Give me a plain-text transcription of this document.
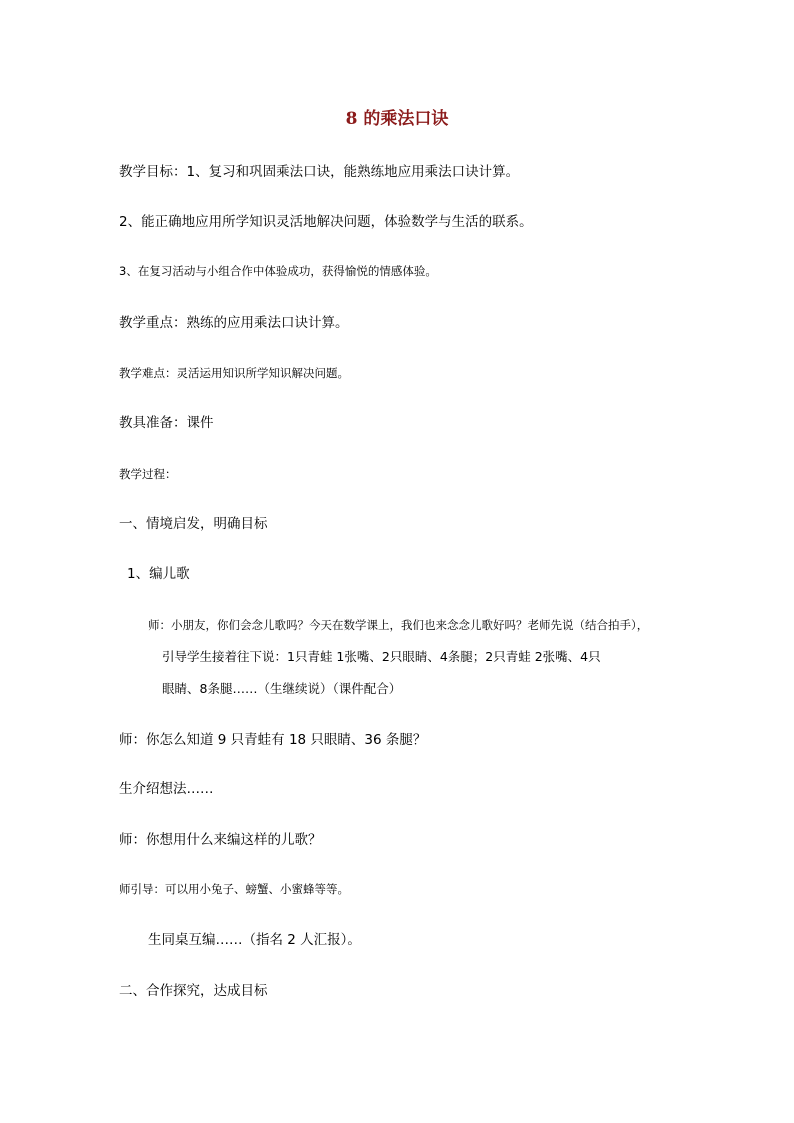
8 的乘法口诀
教学目标：1、复习和巩固乘法口诀，能熟练地应用乘法口诀计算。
2、能正确地应用所学知识灵活地解决问题，体验数学与生活的联系。
3、在复习活动与小组合作中体验成功，获得愉悦的情感体验。
教学重点：熟练的应用乘法口诀计算。
教学难点：灵活运用知识所学知识解决问题。
教具准备：课件
教学过程：
一、情境启发，明确目标
1、编儿歌
师：小朋友，你们会念儿歌吗？今天在数学课上，我们也来念念儿歌好吗？老师先说（结合拍手），
引导学生接着往下说：1只青蛙 1张嘴、2只眼睛、4条腿；2只青蛙 2张嘴、4只
眼睛、8条腿……（生继续说）（课件配合）
师：你怎么知道 9 只青蛙有 18 只眼睛、36 条腿？
生介绍想法……
师：你想用什么来编这样的儿歌？
师引导：可以用小兔子、螃蟹、小蜜蜂等等。
生同桌互编……（指名 2 人汇报）。
二、合作探究，达成目标
